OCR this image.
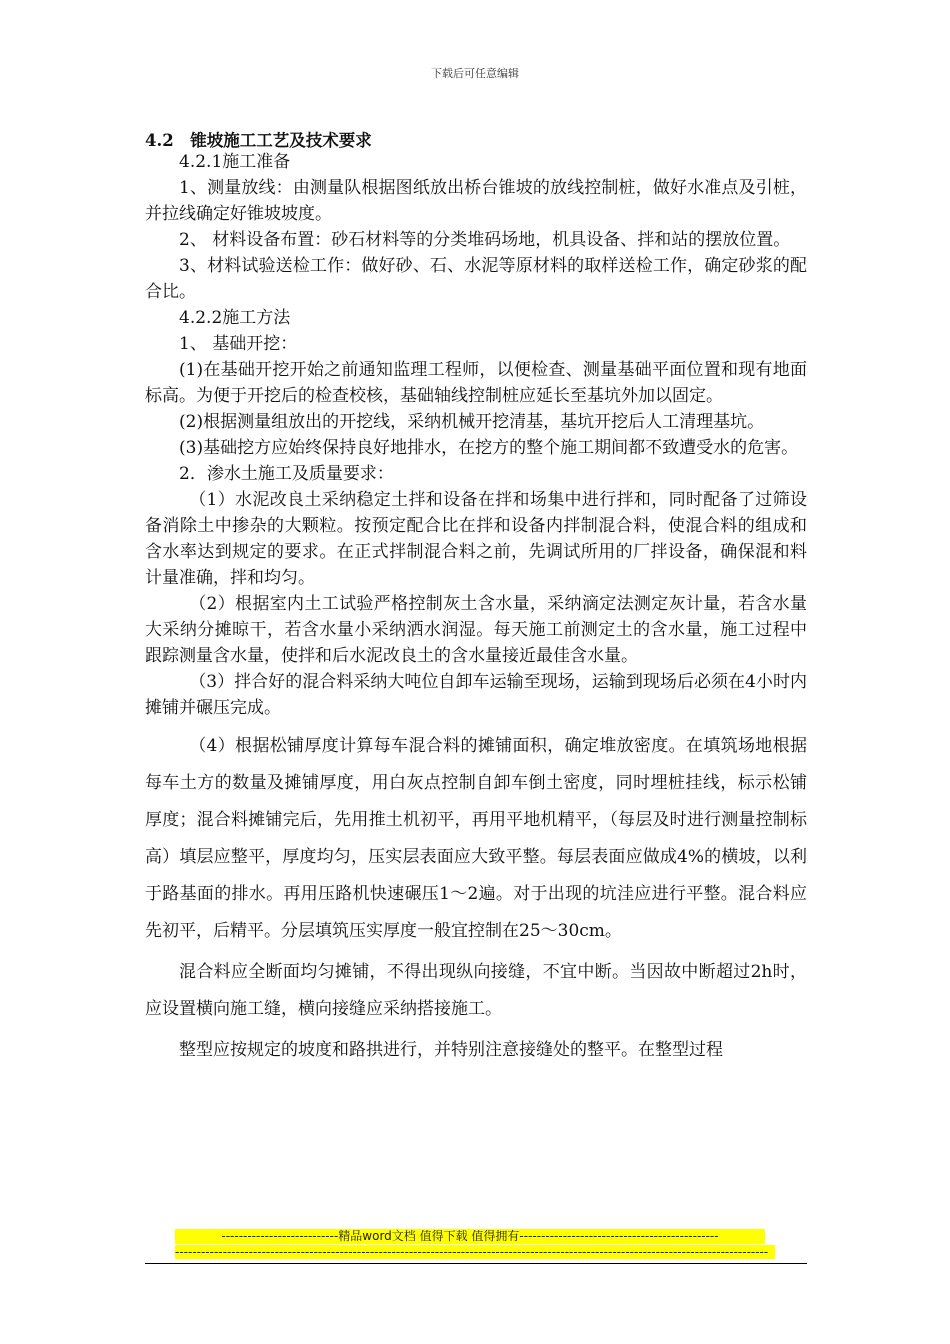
下载后可任意编辑
4.2　锥坡施工工艺及技术要求

4.2.1施工准备

1、测量放线：由测量队根据图纸放出桥台锥坡的放线控制桩，做好水准点及引桩，并拉线确定好锥坡坡度。

2、 材料设备布置：砂石材料等的分类堆码场地，机具设备、拌和站的摆放位置。

3、材料试验送检工作：做好砂、石、水泥等原材料的取样送检工作，确定砂浆的配合比。

4.2.2施工方法

1、 基础开挖：

(1)在基础开挖开始之前通知监理工程师，以便检查、测量基础平面位置和现有地面标高。为便于开挖后的检查校核，基础轴线控制桩应延长至基坑外加以固定。

(2)根据测量组放出的开挖线，采纳机械开挖清基，基坑开挖后人工清理基坑。

(3)基础挖方应始终保持良好地排水，在挖方的整个施工期间都不致遭受水的危害。

2．渗水土施工及质量要求：

（1）水泥改良土采纳稳定土拌和设备在拌和场集中进行拌和，同时配备了过筛设备消除土中掺杂的大颗粒。按预定配合比在拌和设备内拌制混合料，使混合料的组成和含水率达到规定的要求。在正式拌制混合料之前，先调试所用的厂拌设备，确保混和料计量准确，拌和均匀。

（2）根据室内土工试验严格控制灰土含水量，采纳滴定法测定灰计量，若含水量大采纳分摊晾干，若含水量小采纳洒水润湿。每天施工前测定土的含水量，施工过程中跟踪测量含水量，使拌和后水泥改良土的含水量接近最佳含水量。

（3）拌合好的混合料采纳大吨位自卸车运输至现场，运输到现场后必须在4小时内摊铺并碾压完成。

（4）根据松铺厚度计算每车混合料的摊铺面积，确定堆放密度。在填筑场地根据每车土方的数量及摊铺厚度，用白灰点控制自卸车倒土密度，同时埋桩挂线，标示松铺厚度；混合料摊铺完后，先用推土机初平，再用平地机精平，（每层及时进行测量控制标高）填层应整平，厚度均匀，压实层表面应大致平整。每层表面应做成4%的横坡，以利于路基面的排水。再用压路机快速碾压1～2遍。对于出现的坑洼应进行平整。混合料应先初平，后精平。分层填筑压实厚度一般宜控制在25～30cm。

混合料应全断面均匀摊铺，不得出现纵向接缝，不宜中断。当因故中断超过2h时，应设置横向施工缝，横向接缝应采纳搭接施工。

整型应按规定的坡度和路拱进行，并特别注意接缝处的整平。在整型过程

---------------------------精品word文档 值得下载 值得拥有----------------------------------------------
-----------------------------------------------------------------------------------------------------------------------------------------
